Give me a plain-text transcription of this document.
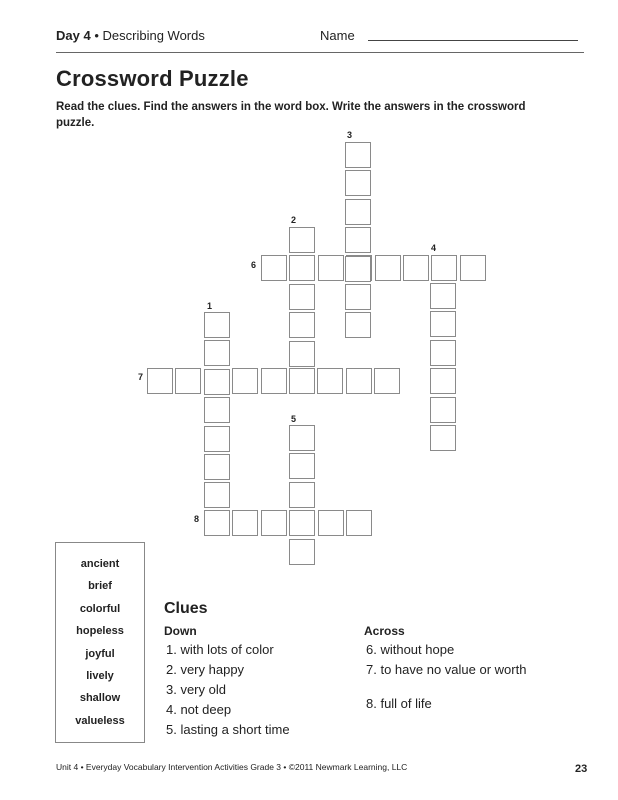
Day 4 • Describing Words	Name
Crossword Puzzle
Read the clues. Find the answers in the word box. Write the answers in the crossword puzzle.
3
2
4
6
1
7
5
8
ancient
brief
colorful
hopeless
joyful
lively
shallow
valueless
Clues
Down	Across
1. with lots of color
2. very happy
3. very old
4. not deep
5. lasting a short time
6. without hope
7. to have no value or worth
8. full of life
Unit 4 • Everyday Vocabulary Intervention Activities Grade 3 • ©2011 Newmark Learning, LLC	23
